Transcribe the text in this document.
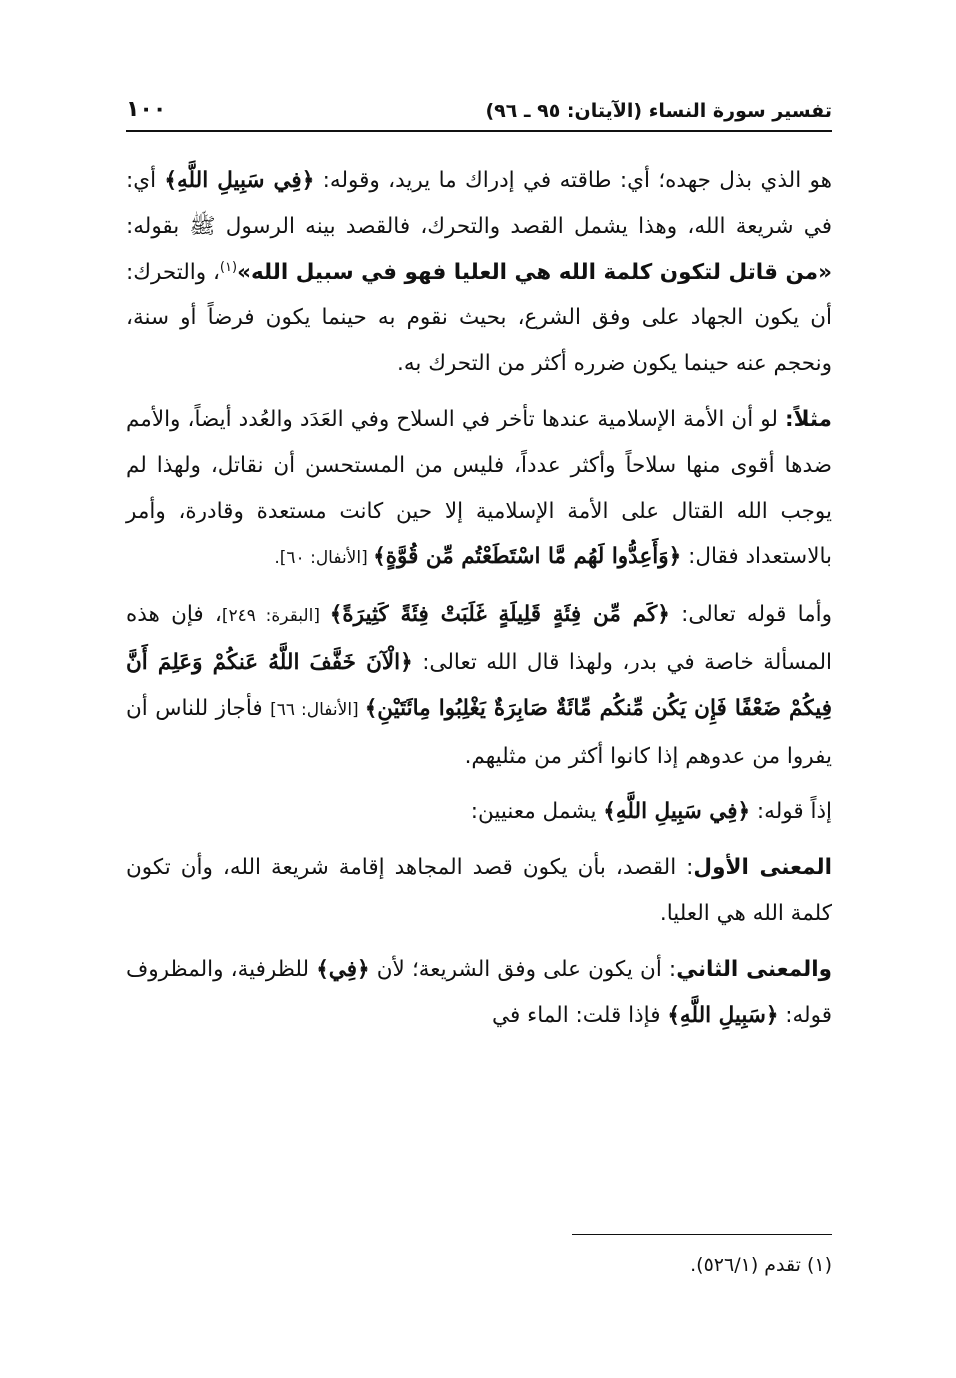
تفسير سورة النساء (الآيتان: ٩٥ ـ ٩٦)
١٠٠

هو الذي بذل جهده؛ أي: طاقته في إدراك ما يريد، وقوله: ﴿فِي سَبِيلِ اللَّهِ﴾ أي: في شريعة الله، وهذا يشمل القصد والتحرك، فالقصد بينه الرسول ﷺ بقوله: «من قاتل لتكون كلمة الله هي العليا فهو في سبيل الله»$^{(١)}$، والتحرك: أن يكون الجهاد على وفق الشرع، بحيث نقوم به حينما يكون فرضاً أو سنة، ونحجم عنه حينما يكون ضرره أكثر من التحرك به.

مثلاً: لو أن الأمة الإسلامية عندها تأخر في السلاح وفي العَدَد والعُدد أيضاً، والأمم ضدها أقوى منها سلاحاً وأكثر عدداً، فليس من المستحسن أن نقاتل، ولهذا لم يوجب الله القتال على الأمة الإسلامية إلا حين كانت مستعدة وقادرة، وأمر بالاستعداد فقال: ﴿وَأَعِدُّوا لَهُم مَّا اسْتَطَعْتُم مِّن قُوَّةٍ﴾ [الأنفال: ٦٠].

وأما قوله تعالى: ﴿كَم مِّن فِئَةٍ قَلِيلَةٍ غَلَبَتْ فِئَةً كَثِيرَةً﴾ [البقرة: ٢٤٩]، فإن هذه المسألة خاصة في بدر، ولهذا قال الله تعالى: ﴿الْآنَ خَفَّفَ اللَّهُ عَنكُمْ وَعَلِمَ أَنَّ فِيكُمْ ضَعْفًا فَإِن يَكُن مِّنكُم مِّائَةٌ صَابِرَةٌ يَغْلِبُوا مِائَتَيْنِ﴾ [الأنفال: ٦٦] فأجاز للناس أن يفروا من عدوهم إذا كانوا أكثر من مثليهم.

إذاً قوله: ﴿فِي سَبِيلِ اللَّهِ﴾ يشمل معنيين:

المعنى الأول: القصد، بأن يكون قصد المجاهد إقامة شريعة الله، وأن تكون كلمة الله هي العليا.

والمعنى الثاني: أن يكون على وفق الشريعة؛ لأن ﴿فِي﴾ للظرفية، والمظروف قوله: ﴿سَبِيلِ اللَّهِ﴾ فإذا قلت: الماء في

(١) تقدم (٥٢٦/١).
